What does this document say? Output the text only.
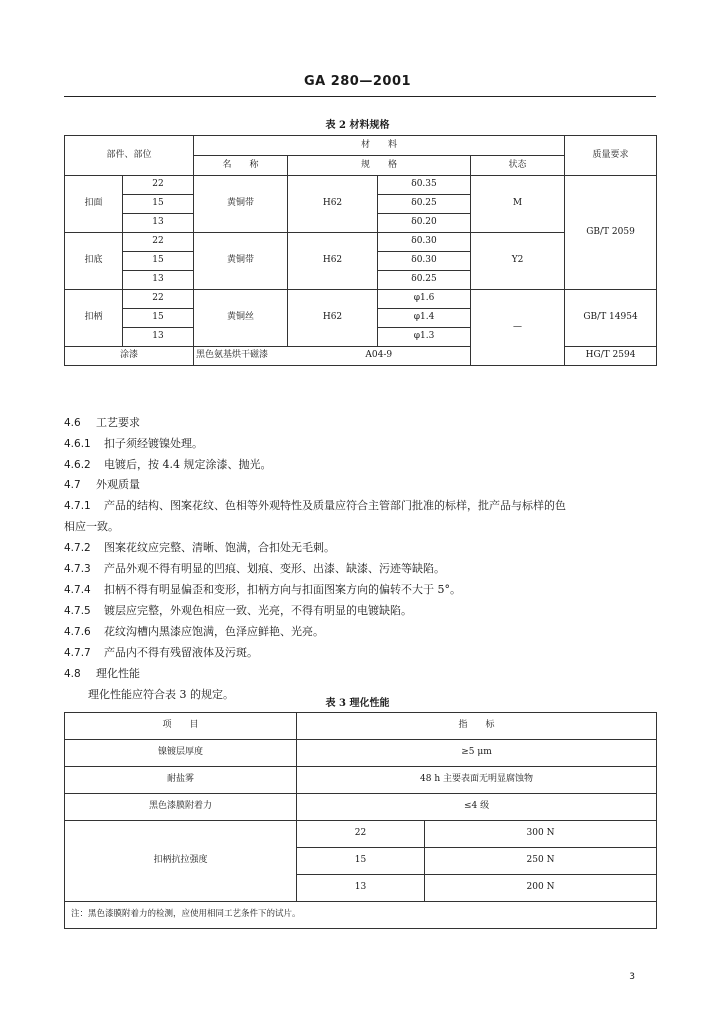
GA 280—2001
表 2 材料规格
部件、部位		材　　料				质量要求
		名　　称	规　　格		状态	
扣面	22	黄铜带	H62	δ0.35	M	GB/T 2059
	15			δ0.25		
	13			δ0.20		
扣底	22	黄铜带	H62	δ0.30	Y2	
	15			δ0.30		
	13			δ0.25		
扣柄	22	黄铜丝	H62	φ1.6	—	GB/T 14954
	15			φ1.4		
	13			φ1.3		
涂漆		黑色氨基烘干磁漆	A04-9			HG/T 2594
4.6 工艺要求
4.6.1 扣子须经镀镍处理。
4.6.2 电镀后，按 4.4 规定涂漆、抛光。
4.7 外观质量
4.7.1 产品的结构、图案花纹、色相等外观特性及质量应符合主管部门批准的标样，批产品与标样的色
相应一致。
4.7.2 图案花纹应完整、清晰、饱满，合扣处无毛刺。
4.7.3 产品外观不得有明显的凹痕、划痕、变形、出漆、缺漆、污迹等缺陷。
4.7.4 扣柄不得有明显偏歪和变形，扣柄方向与扣面图案方向的偏转不大于 5°。
4.7.5 镀层应完整，外观色相应一致、光亮，不得有明显的电镀缺陷。
4.7.6 花纹沟槽内黑漆应饱满，色泽应鲜艳、光亮。
4.7.7 产品内不得有残留液体及污斑。
4.8 理化性能
理化性能应符合表 3 的规定。
表 3 理化性能
项　　目	指　　标	
镍镀层厚度	≥5 μm	
耐盐雾	48 h 主要表面无明显腐蚀物	
黑色漆膜附着力	≤4 级	
扣柄抗拉强度	22	300 N
	15	250 N
	13	200 N
注：黑色漆膜附着力的检测，应使用相同工艺条件下的试片。		
3
